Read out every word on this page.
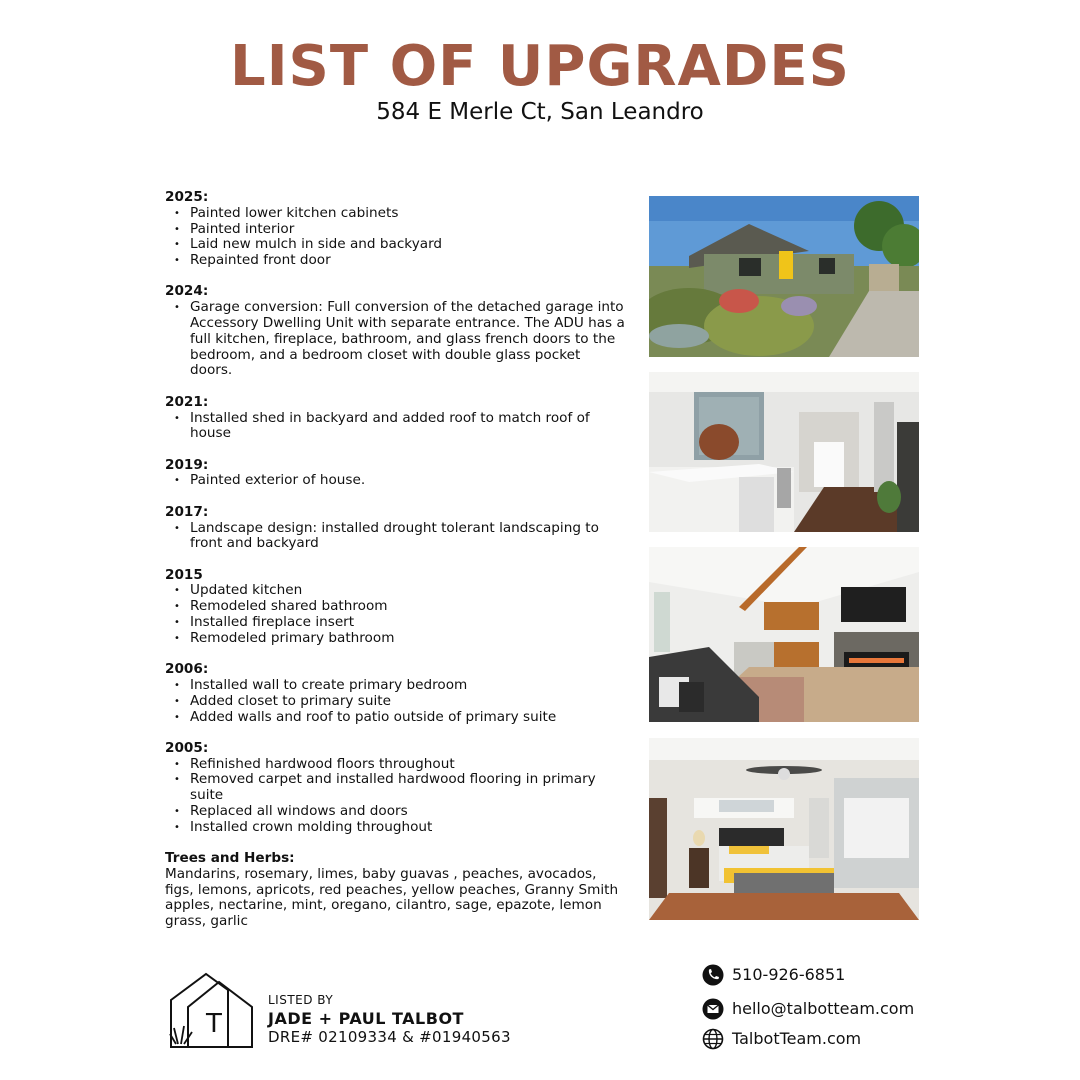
LIST OF UPGRADES
584 E Merle Ct, San Leandro
2025:
• Painted lower kitchen cabinets
• Painted interior
• Laid new mulch in side and backyard
• Repainted front door
2024:
• Garage conversion: Full conversion of the detached garage into Accessory Dwelling Unit with separate entrance. The ADU has a full kitchen, fireplace, bathroom, and glass french doors to the bedroom, and a bedroom closet with double glass pocket doors.
2021:
• Installed shed in backyard and added roof to match roof of house
2019:
• Painted exterior of house.
2017:
• Landscape design: installed drought tolerant landscaping to front and backyard
2015
• Updated kitchen
• Remodeled shared bathroom
• Installed fireplace insert
• Remodeled primary bathroom
2006:
• Installed wall to create primary bedroom
• Added closet to primary suite
• Added walls and roof to patio outside of primary suite
2005:
• Refinished hardwood floors throughout
• Removed carpet and installed hardwood flooring in primary suite
• Replaced all windows and doors
• Installed crown molding throughout
Trees and Herbs:

Mandarins, rosemary, limes, baby guavas , peaches, avocados, figs, lemons, apricots, red peaches, yellow peaches, Granny Smith apples, nectarine, mint, oregano, cilantro, sage, epazote, lemon grass, garlic

T
LISTED BY
JADE + PAUL TALBOT
DRE# 02109334 & #01940563
510-926-6851
hello@talbotteam.com
TalbotTeam.com
